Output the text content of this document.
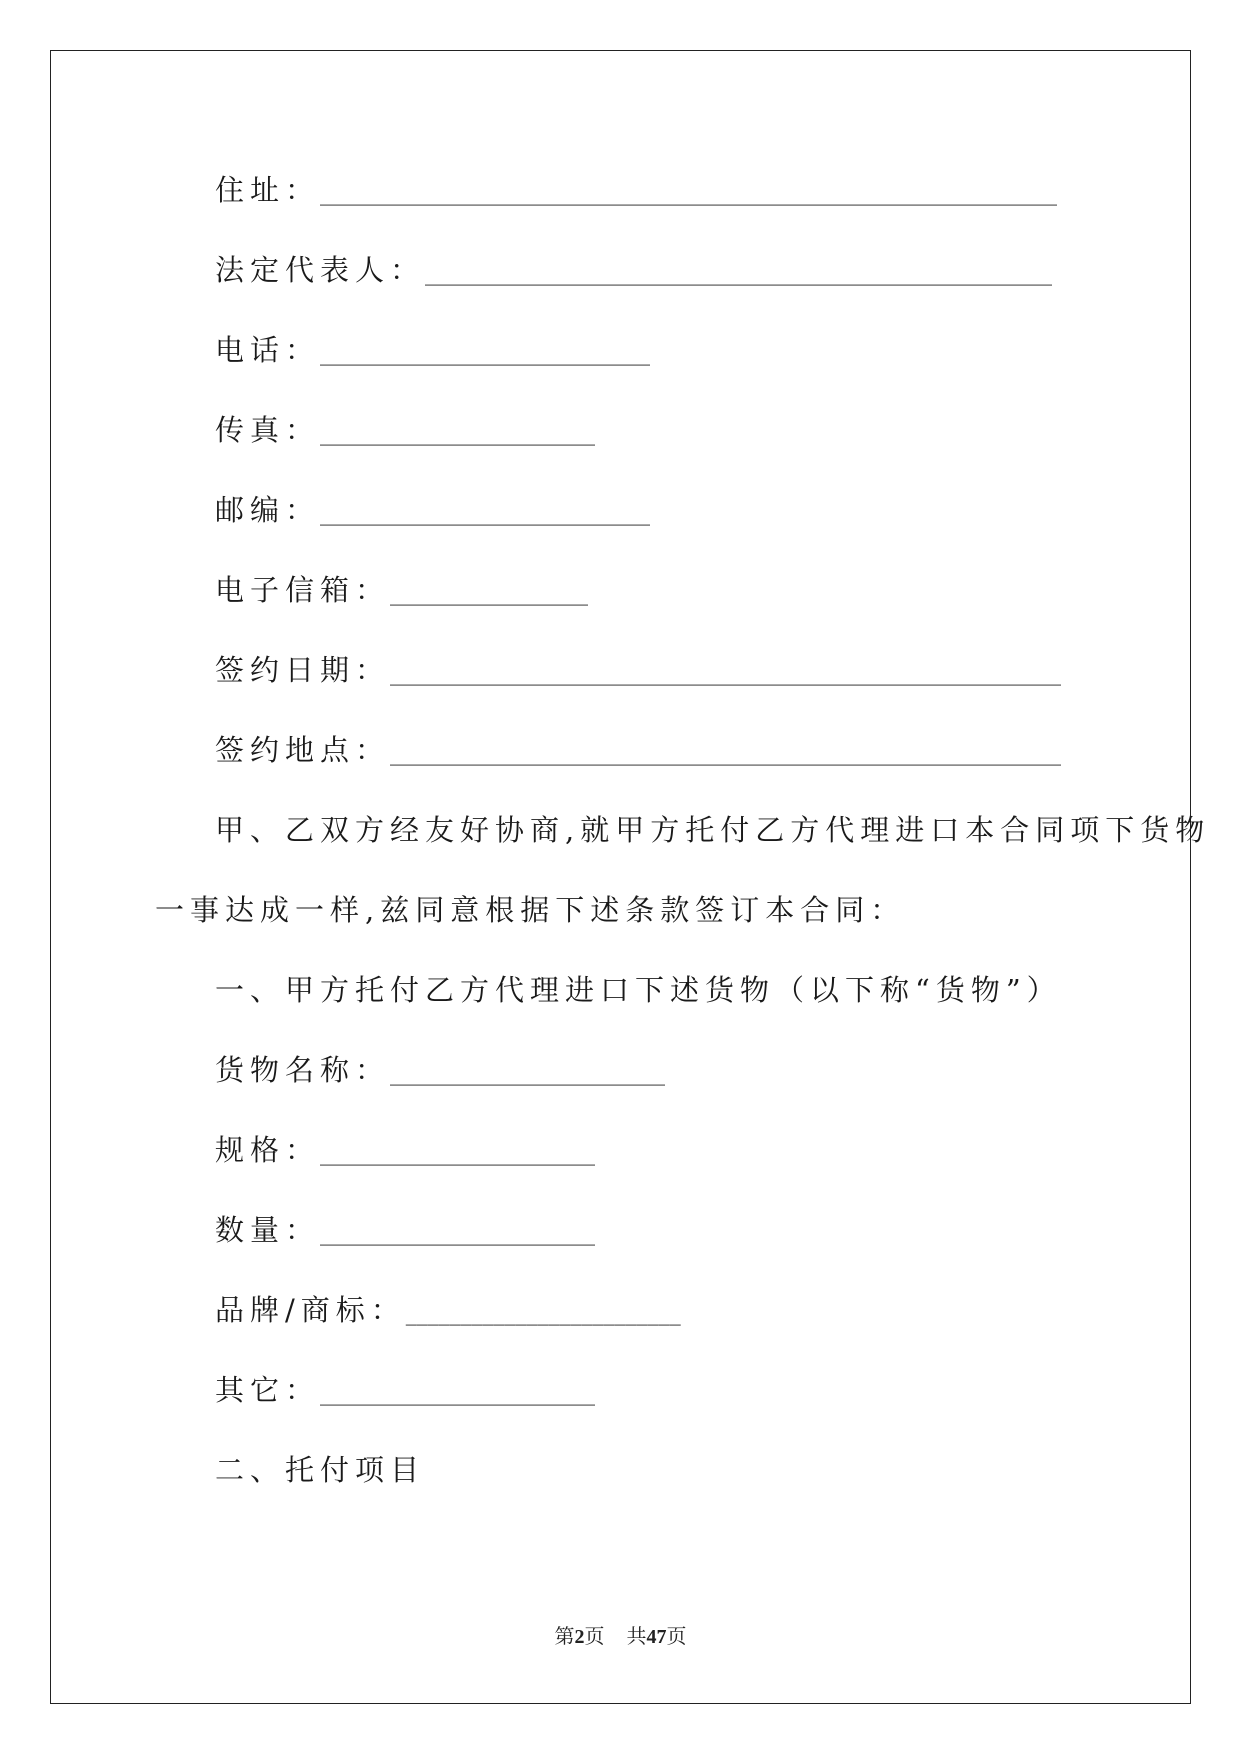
住址：___________________________________________________________________
法定代表人：_________________________________________________________
电话：______________________________
传真：_________________________
邮编：______________________________
电子信箱：__________________
签约日期：_____________________________________________________________
签约地点：_____________________________________________________________
甲、乙双方经友好协商,就甲方托付乙方代理进口本合同项下货物
一事达成一样,兹同意根据下述条款签订本合同：
一、甲方托付乙方代理进口下述货物（以下称“货物”）
货物名称：_________________________
规格：_________________________
数量：_________________________
品牌/商标：_________________________
其它：_________________________
二、托付项目
第2页 共47页
